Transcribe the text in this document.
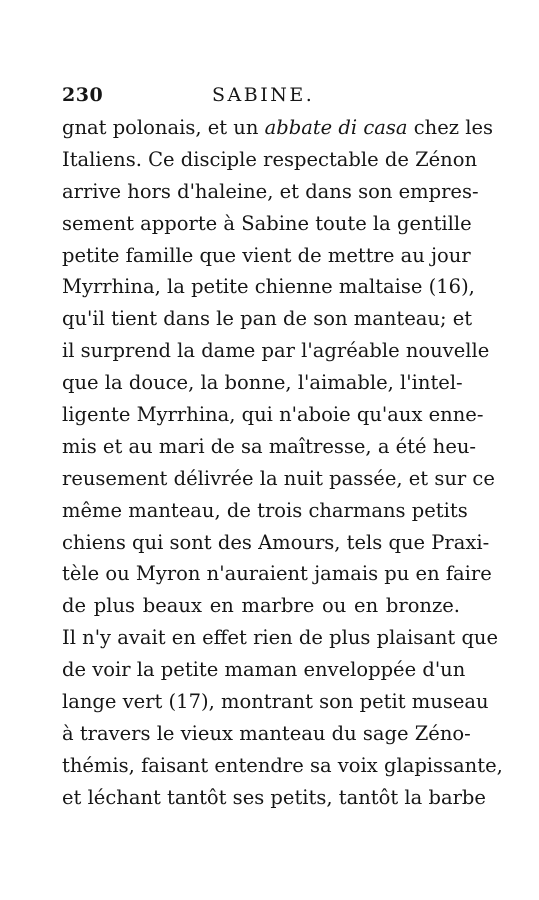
230	SABINE.
gnat polonais, et un abbate di casa chez les
Italiens. Ce disciple respectable de Zénon
arrive hors d'haleine, et dans son empres-
sement apporte à Sabine toute la gentille
petite famille que vient de mettre au jour
Myrrhina, la petite chienne maltaise (16),
qu'il tient dans le pan de son manteau; et
il surprend la dame par l'agréable nouvelle
que la douce, la bonne, l'aimable, l'intel-
ligente Myrrhina, qui n'aboie qu'aux enne-
mis et au mari de sa maîtresse, a été heu-
reusement délivrée la nuit passée, et sur ce
même manteau, de trois charmans petits
chiens qui sont des Amours, tels que Praxi-
tèle ou Myron n'auraient jamais pu en faire
de plus beaux en marbre ou en bronze.
Il n'y avait en effet rien de plus plaisant que
de voir la petite maman enveloppée d'un
lange vert (17), montrant son petit museau
à travers le vieux manteau du sage Zéno-
thémis, faisant entendre sa voix glapissante,
et léchant tantôt ses petits, tantôt la barbe
